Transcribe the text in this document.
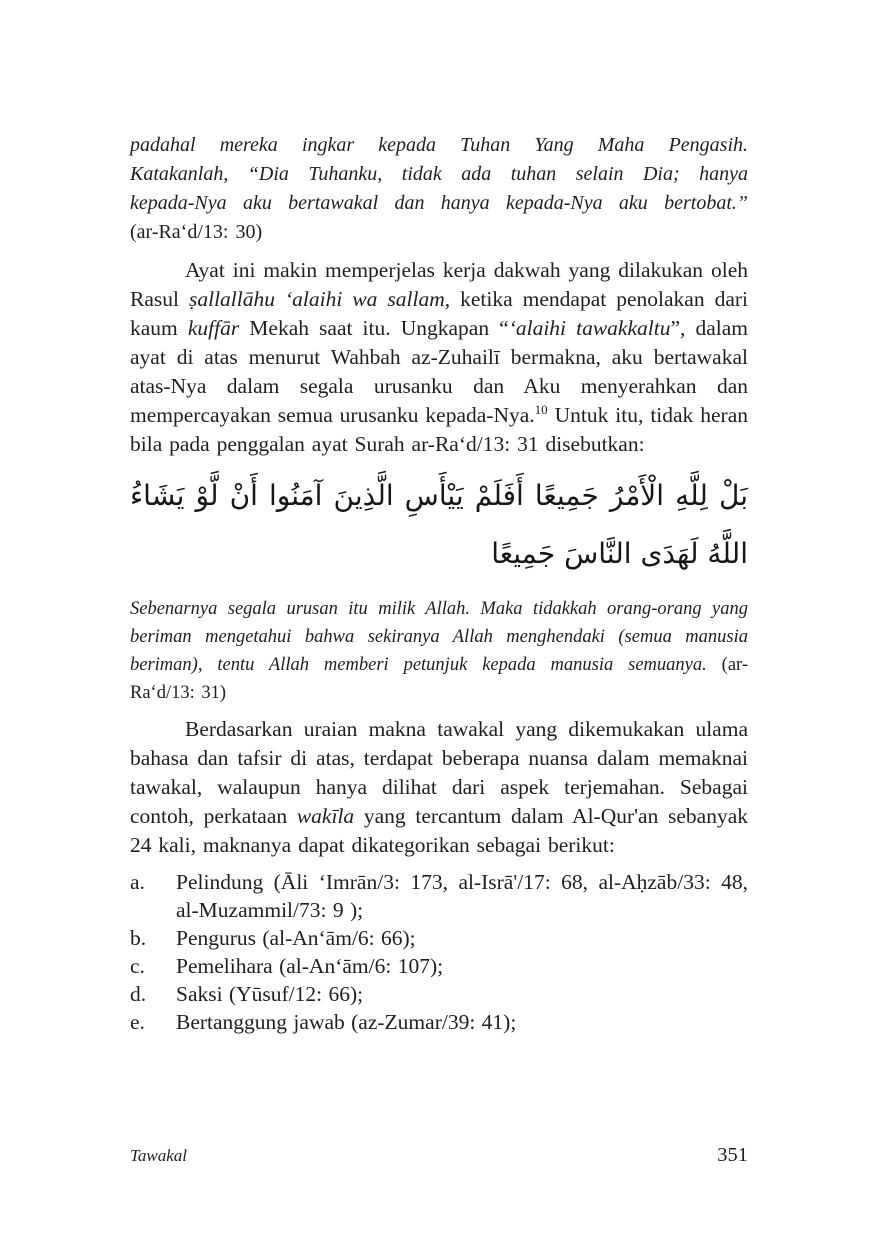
padahal mereka ingkar kepada Tuhan Yang Maha Pengasih. Katakanlah, “Dia Tuhanku, tidak ada tuhan selain Dia; hanya kepada-Nya aku bertawakal dan hanya kepada-Nya aku bertobat.” (ar-Ra‘d/13: 30)

Ayat ini makin memperjelas kerja dakwah yang dilakukan oleh Rasul ṣallallāhu ‘alaihi wa sallam, ketika mendapat penolakan dari kaum kuffār Mekah saat itu. Ungkapan “‘alaihi tawakkaltu”, dalam ayat di atas menurut Wahbah az-Zuhailī bermakna, aku bertawakal atas-Nya dalam segala urusanku dan Aku menyerahkan dan mempercayakan semua urusanku kepada-Nya.$^{10}$ Untuk itu, tidak heran bila pada penggalan ayat Surah ar-Ra‘d/13: 31 disebutkan:

بَلْ لِلَّهِ الْأَمْرُ جَمِيعًا أَفَلَمْ يَيْأَسِ الَّذِينَ آمَنُوا أَنْ لَّوْ يَشَاءُ اللَّهُ لَهَدَى النَّاسَ جَمِيعًا
Sebenarnya segala urusan itu milik Allah. Maka tidakkah orang-orang yang beriman mengetahui bahwa sekiranya Allah menghendaki (semua manusia beriman), tentu Allah memberi petunjuk kepada manusia semuanya. (ar-Ra‘d/13: 31)

Berdasarkan uraian makna tawakal yang dikemukakan ulama bahasa dan tafsir di atas, terdapat beberapa nuansa dalam memaknai tawakal, walaupun hanya dilihat dari aspek terjemahan. Sebagai contoh, perkataan wakīla yang tercantum dalam Al-Qur'an sebanyak 24 kali, maknanya dapat dikategorikan sebagai berikut:

a. Pelindung (Āli ‘Imrān/3: 173, al-Isrā'/17: 68, al-Aḥzāb/33: 48, al-Muzammil/73: 9 );
b. Pengurus (al-An‘ām/6: 66);
c. Pemelihara (al-An‘ām/6: 107);
d. Saksi (Yūsuf/12: 66);
e. Bertanggung jawab (az-Zumar/39: 41);
Tawakal	351
